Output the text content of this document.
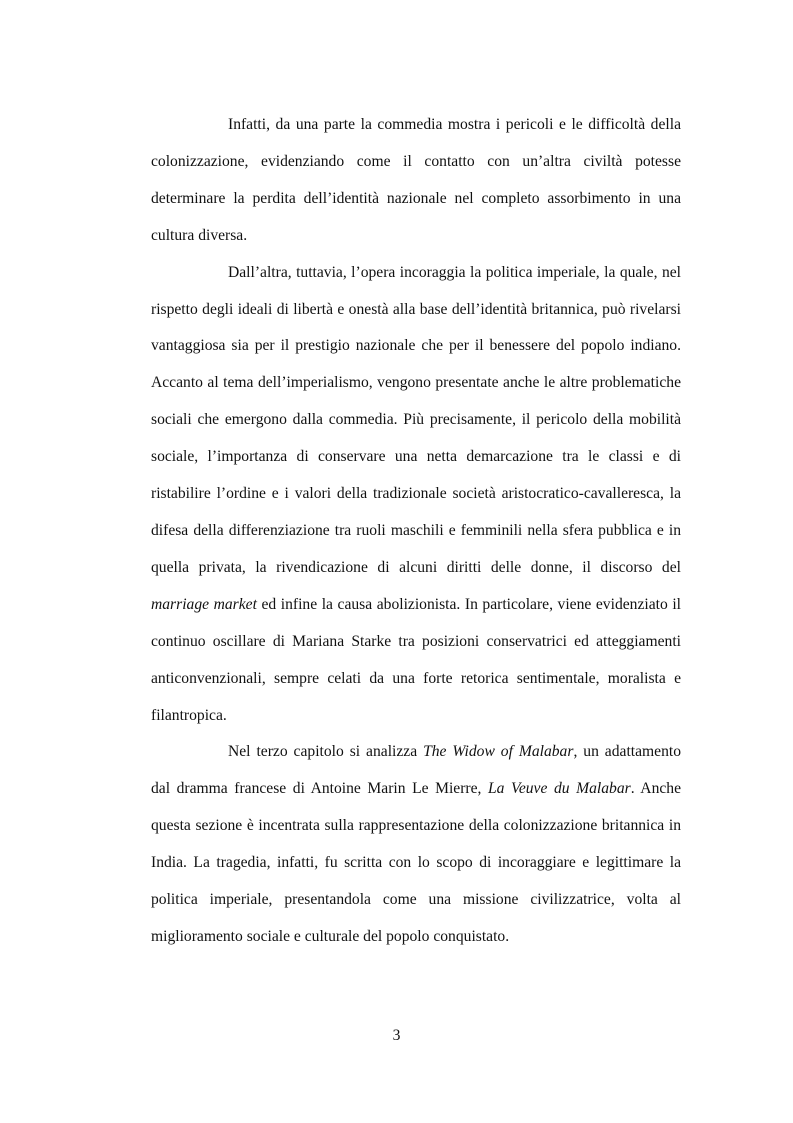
Infatti, da una parte la commedia mostra i pericoli e le difficoltà della colonizzazione, evidenziando come il contatto con un’altra civiltà potesse determinare la perdita dell’identità nazionale nel completo assorbimento in una cultura diversa.

Dall’altra, tuttavia, l’opera incoraggia la politica imperiale, la quale, nel rispetto degli ideali di libertà e onestà alla base dell’identità britannica, può rivelarsi vantaggiosa sia per il prestigio nazionale che per il benessere del popolo indiano. Accanto al tema dell’imperialismo, vengono presentate anche le altre problematiche sociali che emergono dalla commedia. Più precisamente, il pericolo della mobilità sociale, l’importanza di conservare una netta demarcazione tra le classi e di ristabilire l’ordine e i valori della tradizionale società aristocratico-cavalleresca, la difesa della differenziazione tra ruoli maschili e femminili nella sfera pubblica e in quella privata, la rivendicazione di alcuni diritti delle donne, il discorso del marriage market ed infine la causa abolizionista. In particolare, viene evidenziato il continuo oscillare di Mariana Starke tra posizioni conservatrici ed atteggiamenti anticonvenzionali, sempre celati da una forte retorica sentimentale, moralista e filantropica.

Nel terzo capitolo si analizza The Widow of Malabar, un adattamento dal dramma francese di Antoine Marin Le Mierre, La Veuve du Malabar. Anche questa sezione è incentrata sulla rappresentazione della colonizzazione britannica in India. La tragedia, infatti, fu scritta con lo scopo di incoraggiare e legittimare la politica imperiale, presentandola come una missione civilizzatrice, volta al miglioramento sociale e culturale del popolo conquistato.

3
